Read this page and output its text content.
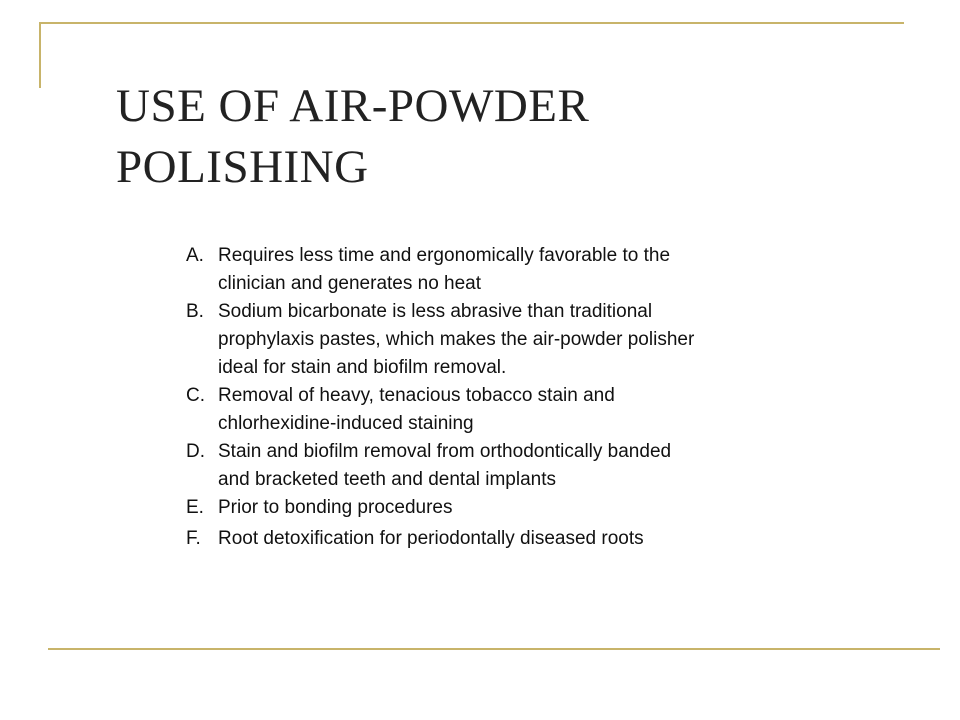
USE OF AIR-POWDER
POLISHING
A. Requires less time and ergonomically favorable to the
clinician and generates no heat
B. Sodium bicarbonate is less abrasive than traditional
prophylaxis pastes, which makes the air-powder polisher
ideal for stain and biofilm removal.
C. Removal of heavy, tenacious tobacco stain and
chlorhexidine-induced staining
D. Stain and biofilm removal from orthodontically banded
and bracketed teeth and dental implants
E. Prior to bonding procedures
F. Root detoxification for periodontally diseased roots
